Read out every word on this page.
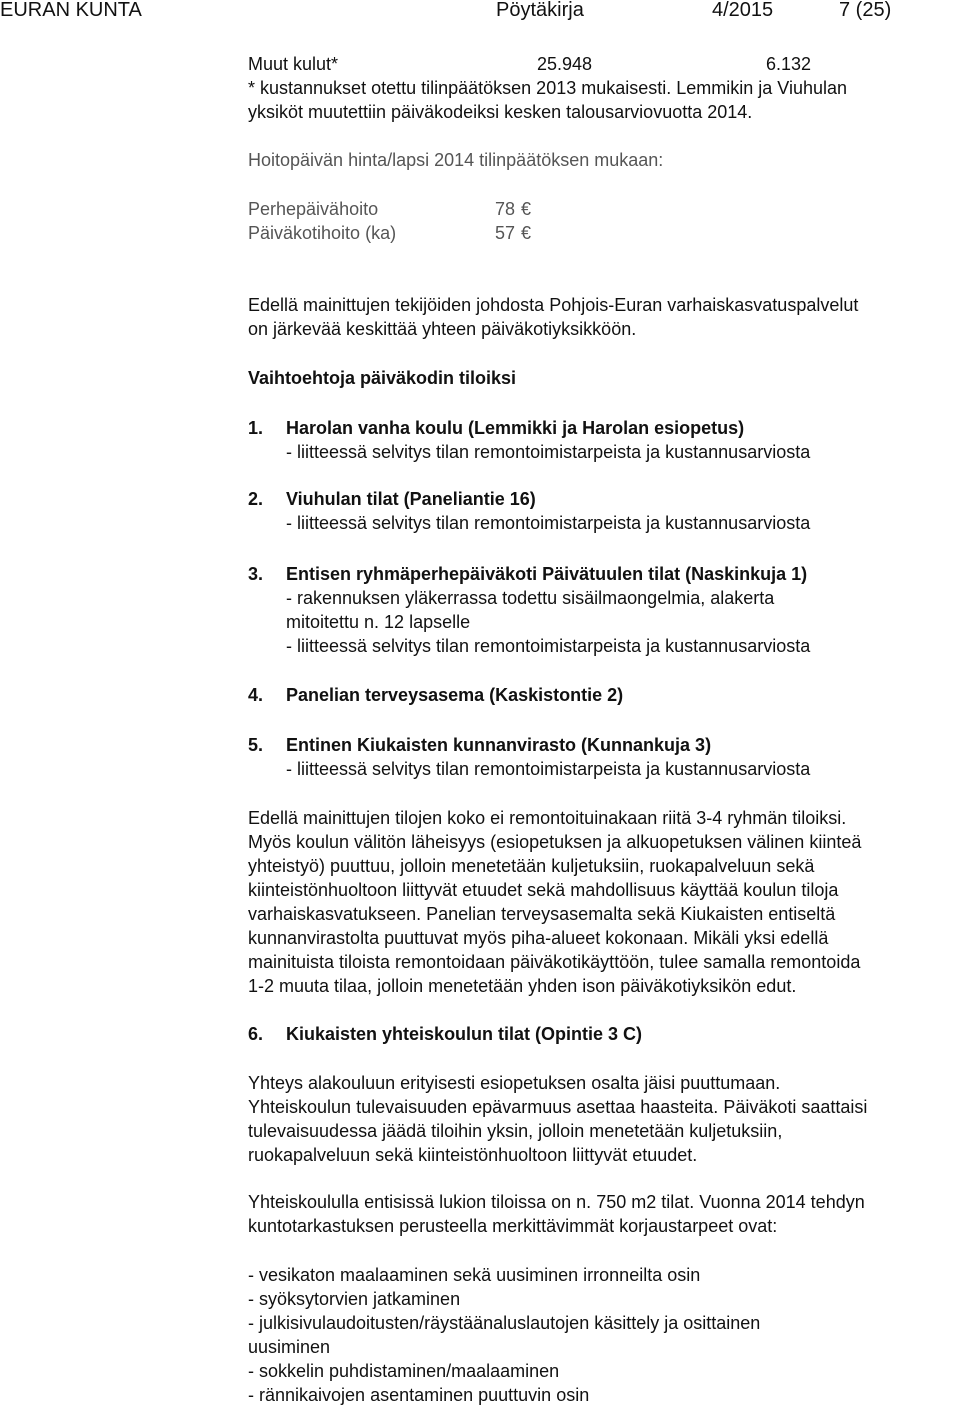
EURAN KUNTA	Pöytäkirja	4/2015	7 (25)
Muut kulut*	25.948	6.132
* kustannukset otettu tilinpäätöksen 2013 mukaisesti. Lemmikin ja Viuhulan
yksiköt muutettiin päiväkodeiksi kesken talousarviovuotta 2014.
Hoitopäivän hinta/lapsi 2014 tilinpäätöksen mukaan:
Perhepäivähoito	78 €
Päiväkotihoito (ka)	57 €
Edellä mainittujen tekijöiden johdosta Pohjois-Euran varhaiskasvatuspalvelut
on järkevää keskittää yhteen päiväkotiyksikköön.
Vaihtoehtoja päiväkodin tiloiksi
1. Harolan vanha koulu (Lemmikki ja Harolan esiopetus)
- liitteessä selvitys tilan remontoimistarpeista ja kustannusarviosta
2. Viuhulan tilat (Paneliantie 16)
- liitteessä selvitys tilan remontoimistarpeista ja kustannusarviosta
3. Entisen ryhmäperhepäiväkoti Päivätuulen tilat (Naskinkuja 1)
- rakennuksen yläkerrassa todettu sisäilmaongelmia, alakerta
mitoitettu n. 12 lapselle
- liitteessä selvitys tilan remontoimistarpeista ja kustannusarviosta
4. Panelian terveysasema (Kaskistontie 2)
5. Entinen Kiukaisten kunnanvirasto (Kunnankuja 3)
- liitteessä selvitys tilan remontoimistarpeista ja kustannusarviosta
Edellä mainittujen tilojen koko ei remontoituinakaan riitä 3-4 ryhmän tiloiksi.
Myös koulun välitön läheisyys (esiopetuksen ja alkuopetuksen välinen kiinteä
yhteistyö) puuttuu, jolloin menetetään kuljetuksiin, ruokapalveluun sekä
kiinteistönhuoltoon liittyvät etuudet sekä mahdollisuus käyttää koulun tiloja
varhaiskasvatukseen. Panelian terveysasemalta sekä Kiukaisten entiseltä
kunnanvirastolta puuttuvat myös piha-alueet kokonaan. Mikäli yksi edellä
mainituista tiloista remontoidaan päiväkotikäyttöön, tulee samalla remontoida
1-2 muuta tilaa, jolloin menetetään yhden ison päiväkotiyksikön edut.
6. Kiukaisten yhteiskoulun tilat (Opintie 3 C)
Yhteys alakouluun erityisesti esiopetuksen osalta jäisi puuttumaan.
Yhteiskoulun tulevaisuuden epävarmuus asettaa haasteita. Päiväkoti saattaisi
tulevaisuudessa jäädä tiloihin yksin, jolloin menetetään kuljetuksiin,
ruokapalveluun sekä kiinteistönhuoltoon liittyvät etuudet.
Yhteiskoululla entisissä lukion tiloissa on n. 750 m2 tilat. Vuonna 2014 tehdyn
kuntotarkastuksen perusteella merkittävimmät korjaustarpeet ovat:
- vesikaton maalaaminen sekä uusiminen irronneilta osin
- syöksytorvien jatkaminen
- julkisivulaudoitusten/räystäänaluslautojen käsittely ja osittainen
uusiminen
- sokkelin puhdistaminen/maalaaminen
- rännikaivojen asentaminen puuttuvin osin
